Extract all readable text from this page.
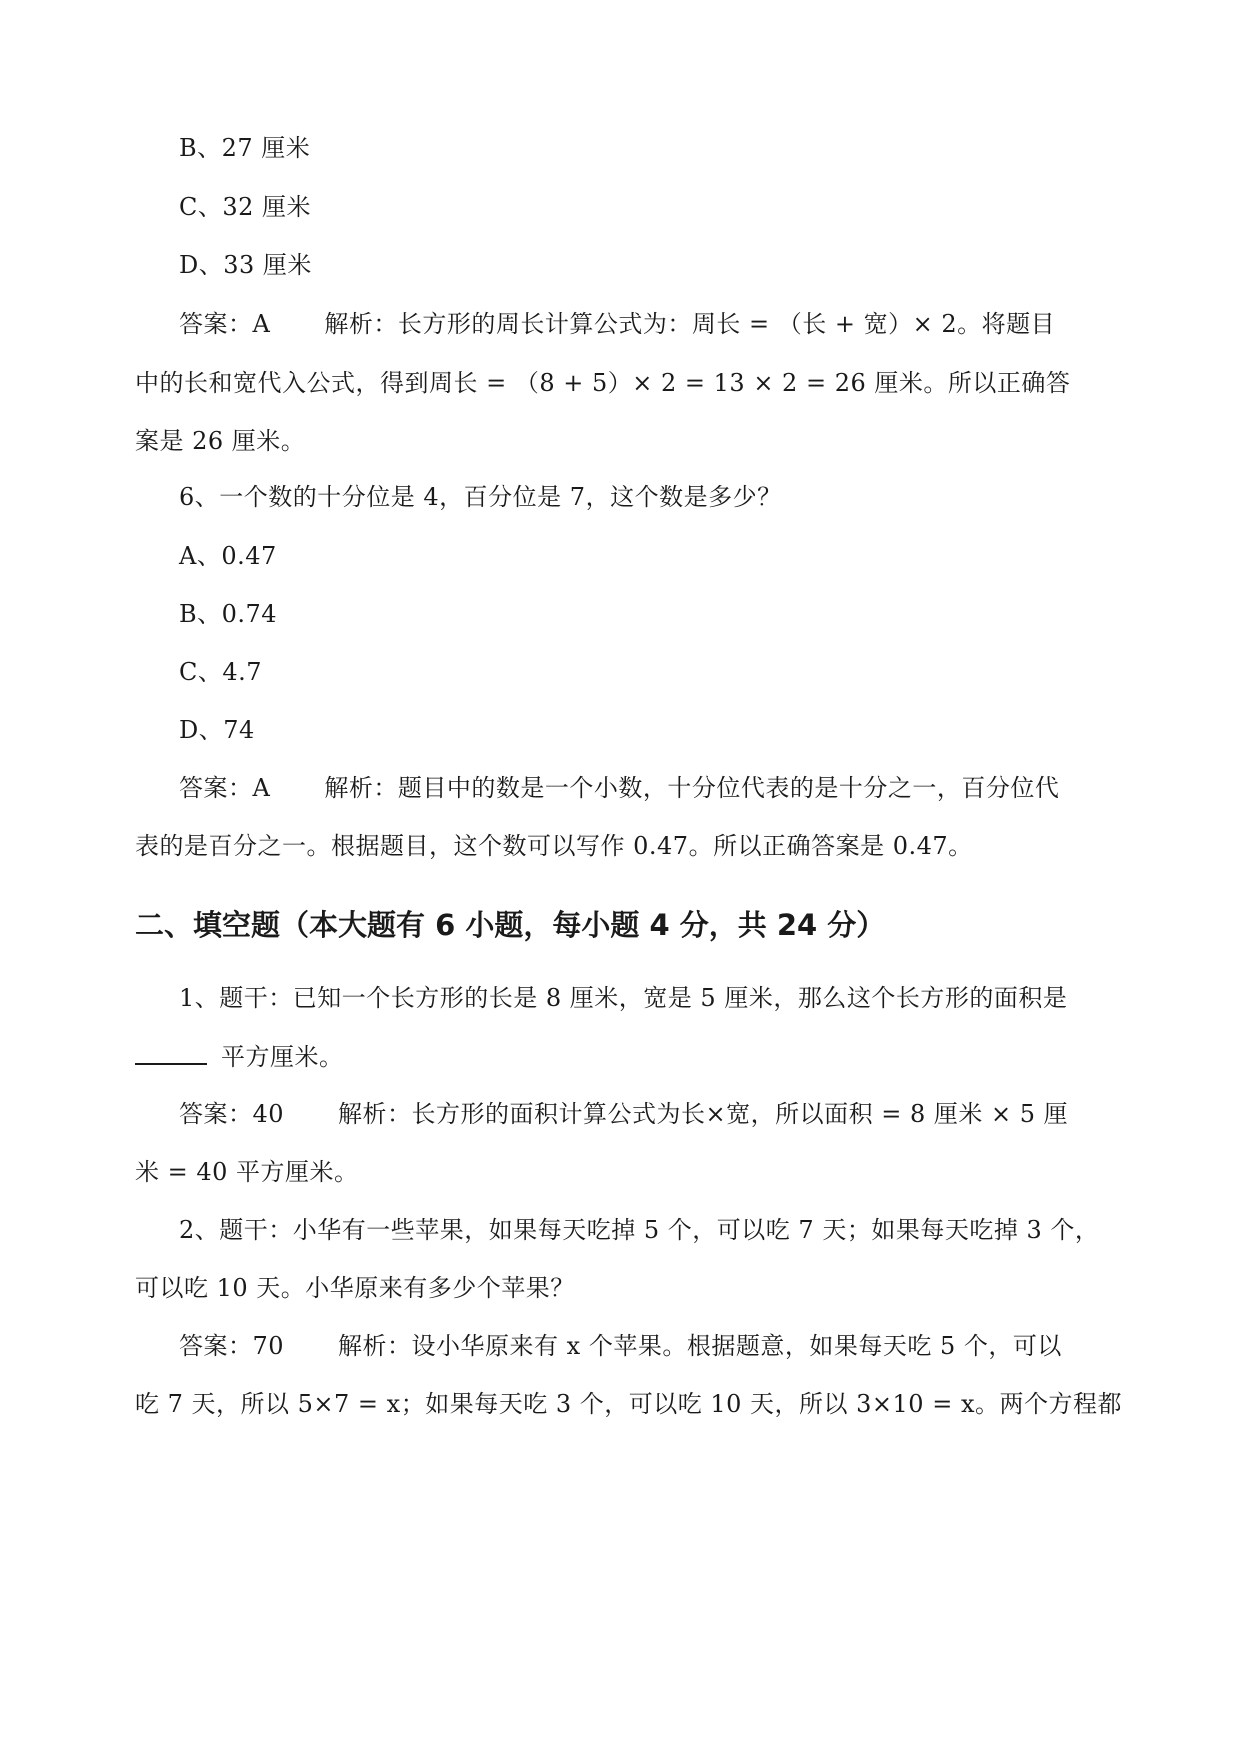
B、27 厘米
C、32 厘米
D、33 厘米
答案：A 解析：长方形的周长计算公式为：周长 = （长 + 宽）× 2。将题目
中的长和宽代入公式，得到周长 = （8 + 5）× 2 = 13 × 2 = 26 厘米。所以正确答
案是 26 厘米。
6、一个数的十分位是 4，百分位是 7，这个数是多少？
A、0.47
B、0.74
C、4.7
D、74
答案：A 解析：题目中的数是一个小数，十分位代表的是十分之一，百分位代
表的是百分之一。根据题目，这个数可以写作 0.47。所以正确答案是 0.47。
二、填空题（本大题有 6 小题，每小题 4 分，共 24 分）
1、题干：已知一个长方形的长是 8 厘米，宽是 5 厘米，那么这个长方形的面积是
平方厘米。
答案：40 解析：长方形的面积计算公式为长×宽，所以面积 = 8 厘米 × 5 厘
米 = 40 平方厘米。
2、题干：小华有一些苹果，如果每天吃掉 5 个，可以吃 7 天；如果每天吃掉 3 个，
可以吃 10 天。小华原来有多少个苹果？
答案：70 解析：设小华原来有 x 个苹果。根据题意，如果每天吃 5 个，可以
吃 7 天，所以 5×7 = x；如果每天吃 3 个，可以吃 10 天，所以 3×10 = x。两个方程都
